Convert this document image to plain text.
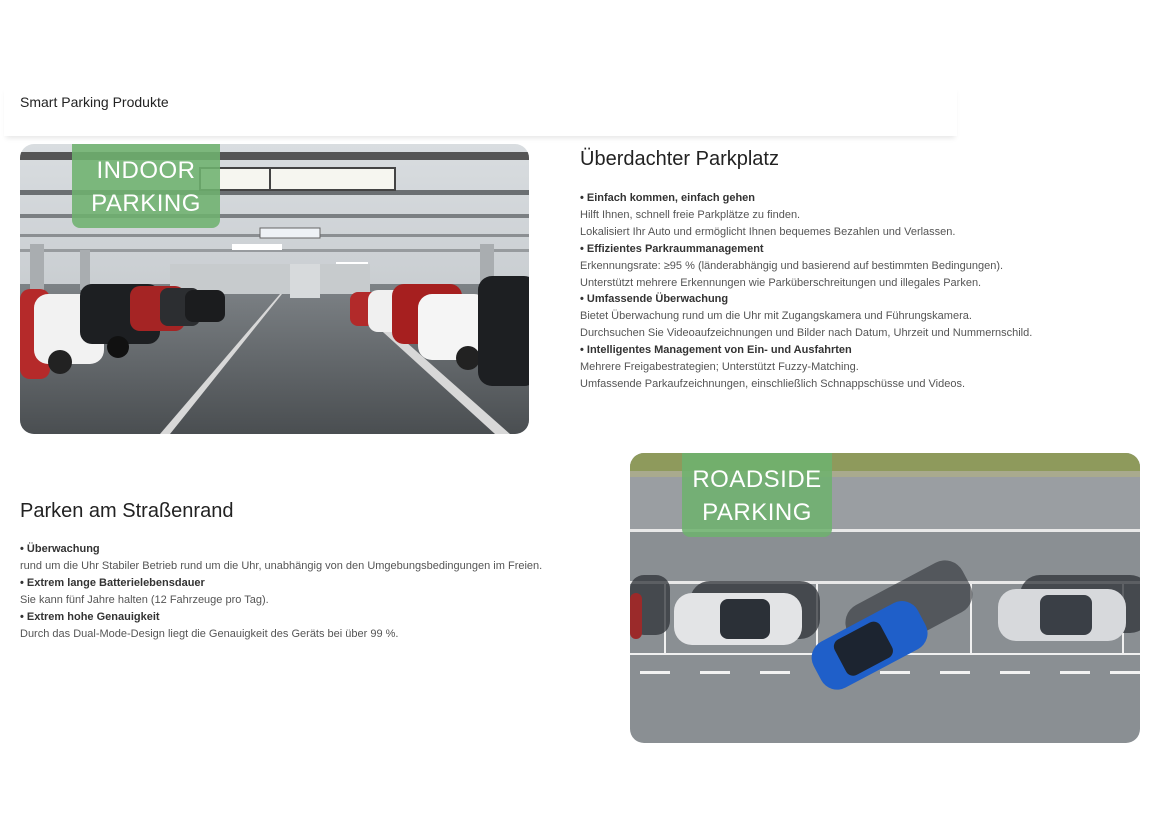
Smart Parking Produkte
INDOOR
PARKING
Überdachter Parkplatz
• Einfach kommen, einfach gehen
Hilft Ihnen, schnell freie Parkplätze zu finden.
Lokalisiert Ihr Auto und ermöglicht Ihnen bequemes Bezahlen und Verlassen.
• Effizientes Parkraummanagement
Erkennungsrate: ≥95 % (länderabhängig und basierend auf bestimmten Bedingungen).
Unterstützt mehrere Erkennungen wie Parküberschreitungen und illegales Parken.
• Umfassende Überwachung
Bietet Überwachung rund um die Uhr mit Zugangskamera und Führungskamera.
Durchsuchen Sie Videoaufzeichnungen und Bilder nach Datum, Uhrzeit und Nummernschild.
• Intelligentes Management von Ein- und Ausfahrten
Mehrere Freigabestrategien; Unterstützt Fuzzy-Matching.
Umfassende Parkaufzeichnungen, einschließlich Schnappschüsse und Videos.
Parken am Straßenrand
• Überwachung
rund um die Uhr Stabiler Betrieb rund um die Uhr, unabhängig von den Umgebungsbedingungen im Freien.
• Extrem lange Batterielebensdauer
Sie kann fünf Jahre halten (12 Fahrzeuge pro Tag).
• Extrem hohe Genauigkeit
Durch das Dual-Mode-Design liegt die Genauigkeit des Geräts bei über 99 %.
ROADSIDE
PARKING
